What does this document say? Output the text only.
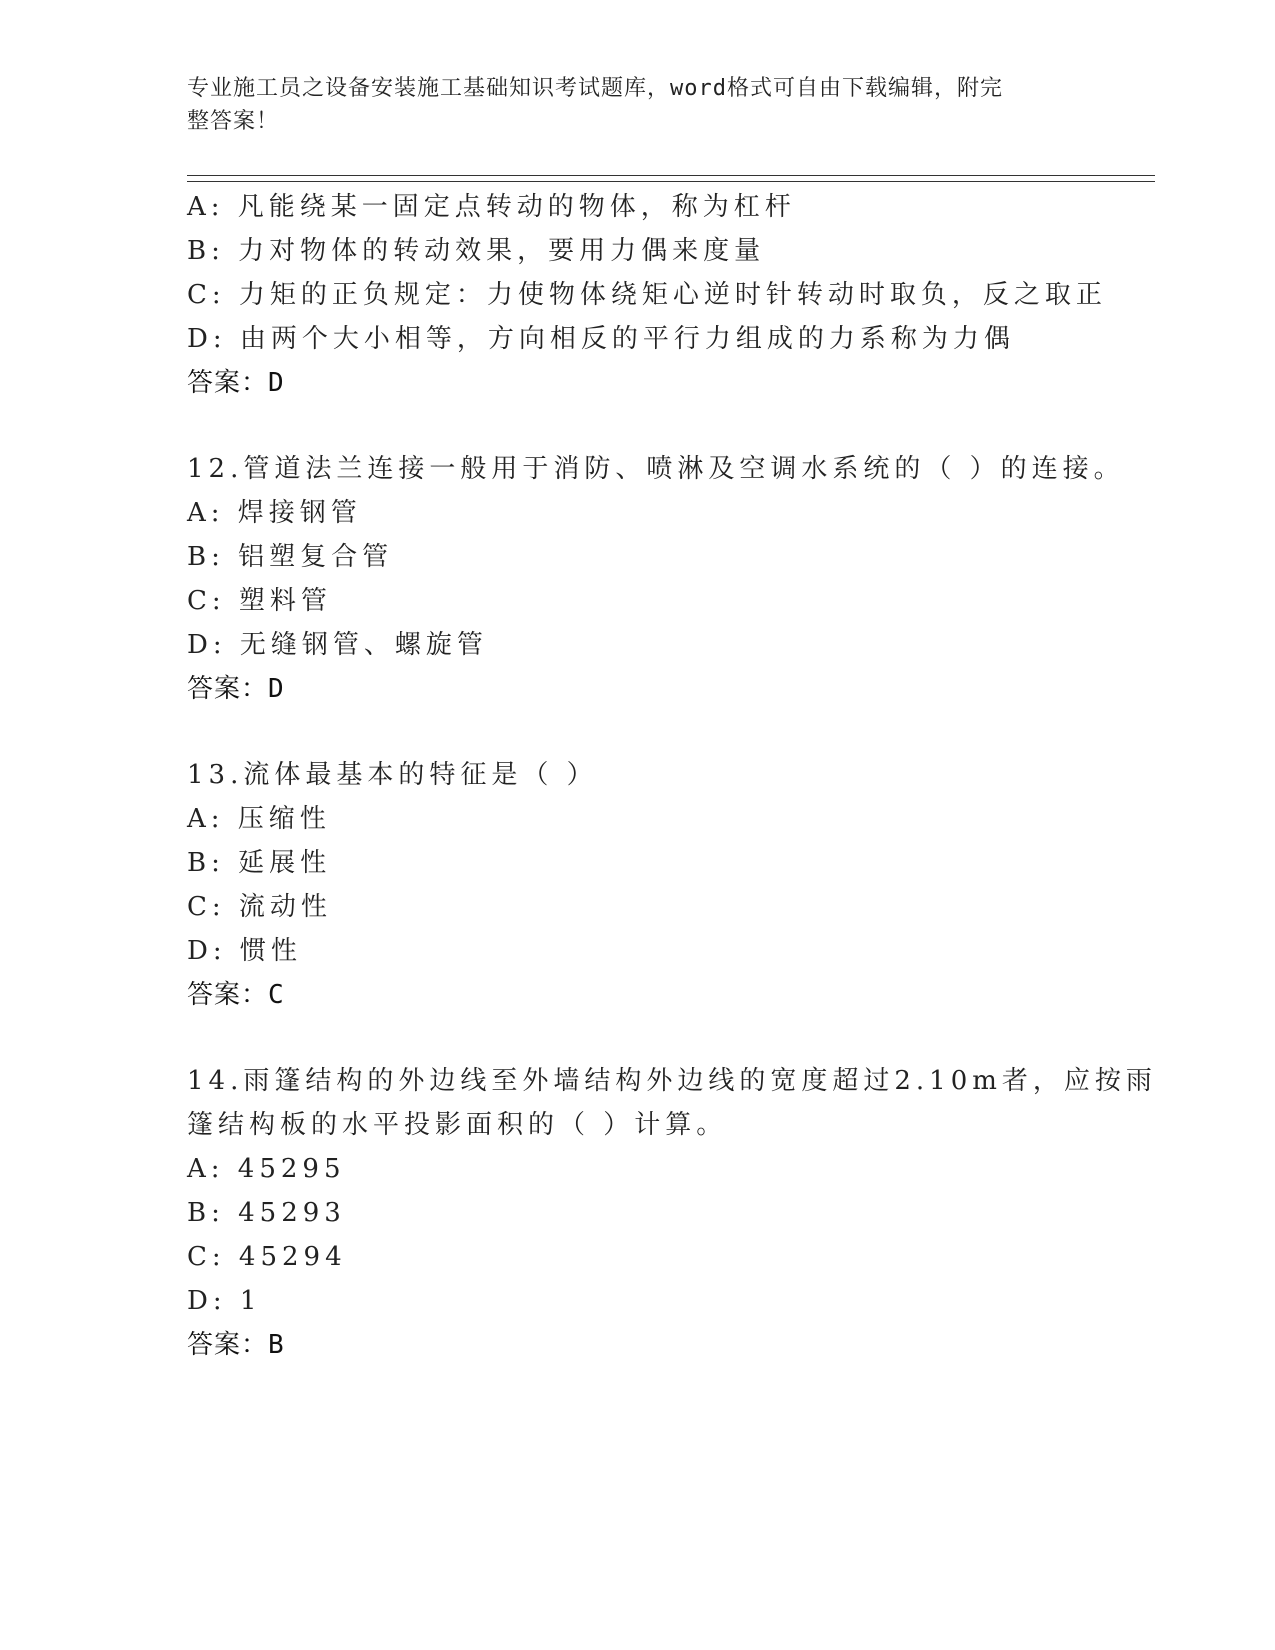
专业施工员之设备安装施工基础知识考试题库，word格式可自由下载编辑，附完
整答案！
A: 凡能绕某一固定点转动的物体，称为杠杆
B: 力对物体的转动效果，要用力偶来度量
C: 力矩的正负规定：力使物体绕矩心逆时针转动时取负，反之取正
D: 由两个大小相等，方向相反的平行力组成的力系称为力偶
答案：D
12.管道法兰连接一般用于消防、喷淋及空调水系统的（ ）的连接。
A: 焊接钢管
B: 铝塑复合管
C: 塑料管
D: 无缝钢管、螺旋管
答案：D
13.流体最基本的特征是（ ）
A: 压缩性
B: 延展性
C: 流动性
D: 惯性
答案：C
14.雨篷结构的外边线至外墙结构外边线的宽度超过2.10m者，应按雨
篷结构板的水平投影面积的（ ）计算。
A: 45295
B: 45293
C: 45294
D: 1
答案：B
